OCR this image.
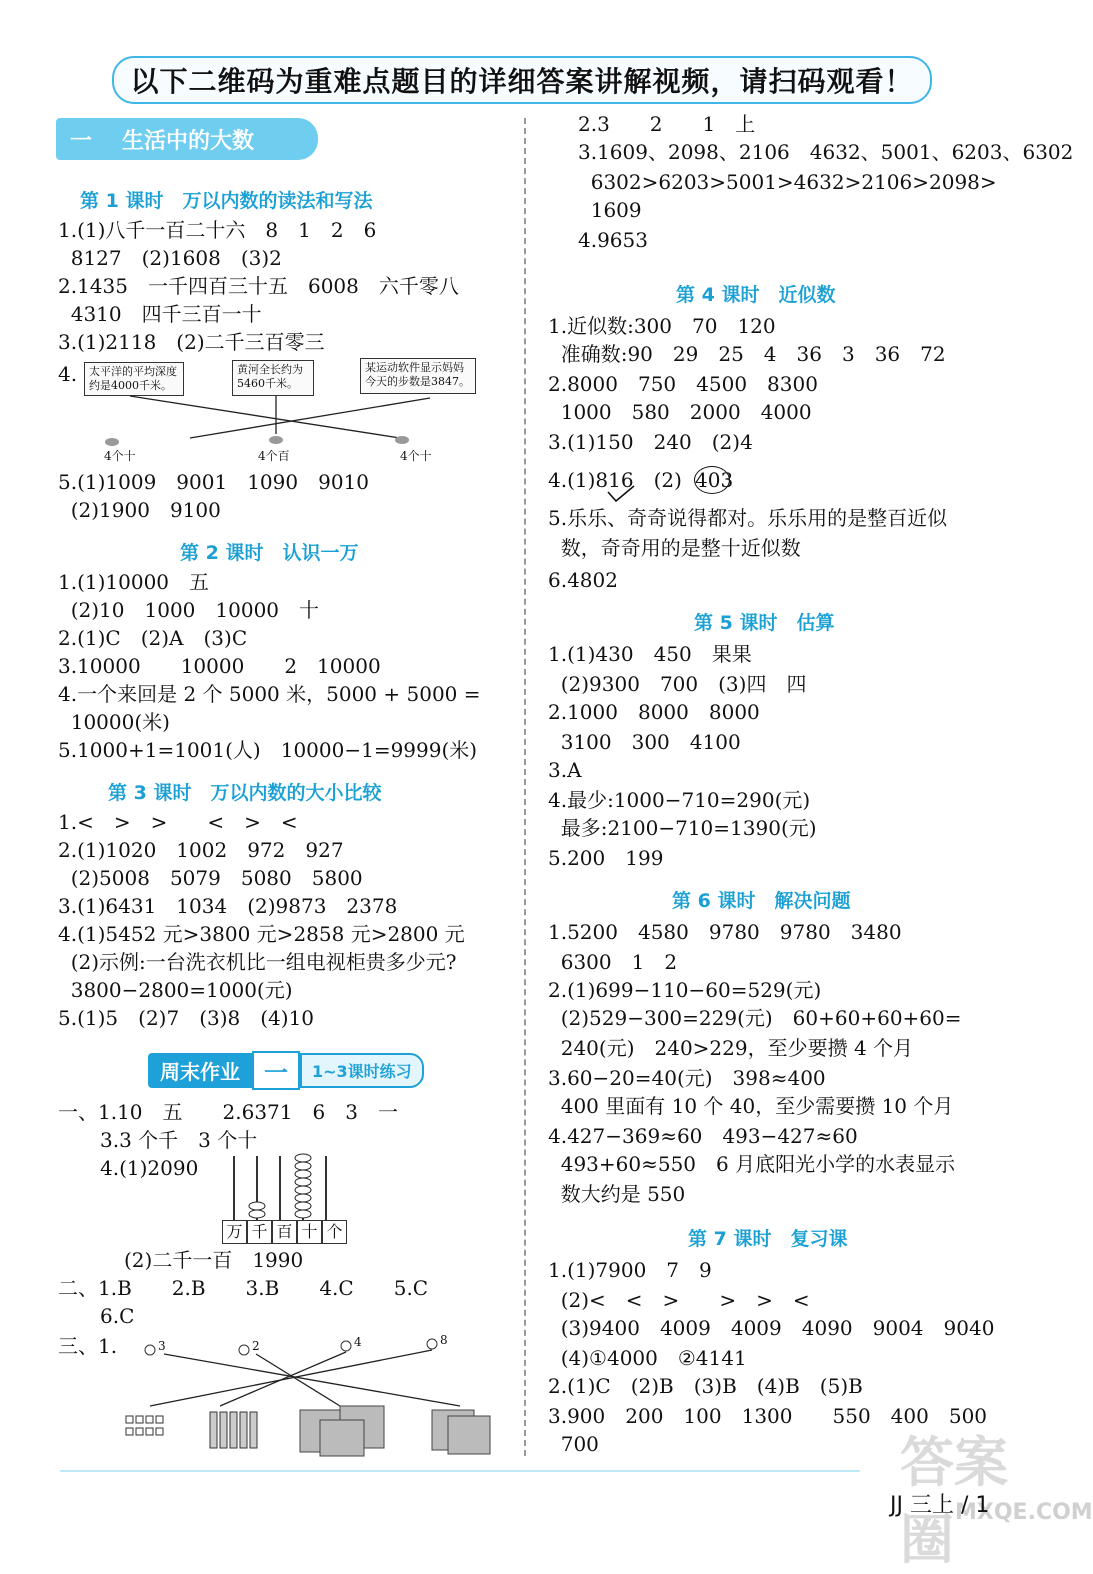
以下二维码为重难点题目的详细答案讲解视频，请扫码观看！
一 生活中的大数
第 1 课时　万以内数的读法和写法
1.(1)八千一百二十六　8　1　2　6
8127　(2)1608　(3)2
2.1435　一千四百三十五　6008　六千零八
4310　四千三百一十
3.(1)2118　(2)二千三百零三
4.	太平洋的平均深度约是4000千米。
黄河全长约为5460千米。
某运动软件显示妈妈今天的步数是3847。
4个十	4个百	4个十
5.(1)1009　9001　1090　9010
(2)1900　9100
第 2 课时　认识一万
1.(1)10000　五
(2)10　1000　10000　十
2.(1)C　(2)A　(3)C
3.10000　　10000　　2　10000
4.一个来回是 2 个 5000 米，5000 + 5000 =
10000(米)
5.1000+1=1001(人)　10000−1=9999(米)
第 3 课时　万以内数的大小比较
1.<　>　>　　<　>　<
2.(1)1020　1002　972　927
(2)5008　5079　5080　5800
3.(1)6431　1034　(2)9873　2378
4.(1)5452 元>3800 元>2858 元>2800 元
(2)示例:一台洗衣机比一组电视柜贵多少元?
3800−2800=1000(元)
5.(1)5　(2)7　(3)8　(4)10
周末作业	一	1~3课时练习
一、1.10　五　　2.6371　6　3　一
3.3 个千　3 个十
4.(1)2090
万 千 百 十 个
(2)二千一百　1990
二、1.B　　2.B　　3.B　　4.C　　5.C
6.C
三、1.	3	2	4	8
2.3　　2　　1　上
3.1609、2098、2106　4632、5001、6203、6302
6302>6203>5001>4632>2106>2098>
1609
4.9653
第 4 课时　近似数
1.近似数:300　70　120
准确数:90　29　25　4　36　3　36　72
2.8000　750　4500　8300
1000　580　2000　4000
3.(1)150　240　(2)4
4.(1)816　(2) 403
5.乐乐、奇奇说得都对。乐乐用的是整百近似
数，奇奇用的是整十近似数
6.4802
第 5 课时　估算
1.(1)430　450　果果
(2)9300　700　(3)四　四
2.1000　8000　8000
3100　300　4100
3.A
4.最少:1000−710=290(元)
最多:2100−710=1390(元)
5.200　199
第 6 课时　解决问题
1.5200　4580　9780　9780　3480
6300　1　2
2.(1)699−110−60=529(元)
(2)529−300=229(元)　60+60+60+60=
240(元)　240>229，至少要攒 4 个月
3.60−20=40(元)　398≈400
400 里面有 10 个 40，至少需要攒 10 个月
4.427−369≈60　493−427≈60
493+60≈550　6 月底阳光小学的水表显示
数大约是 550
第 7 课时　复习课
1.(1)7900　7　9
(2)<　<　>　　>　>　<
(3)9400　4009　4009　4090　9004　9040
(4)①4000　②4141
2.(1)C　(2)B　(3)B　(4)B　(5)B
3.900　200　100　1300　　550　400　500
700	答案圈 MXQE.COM
JJ 三上 / 1
